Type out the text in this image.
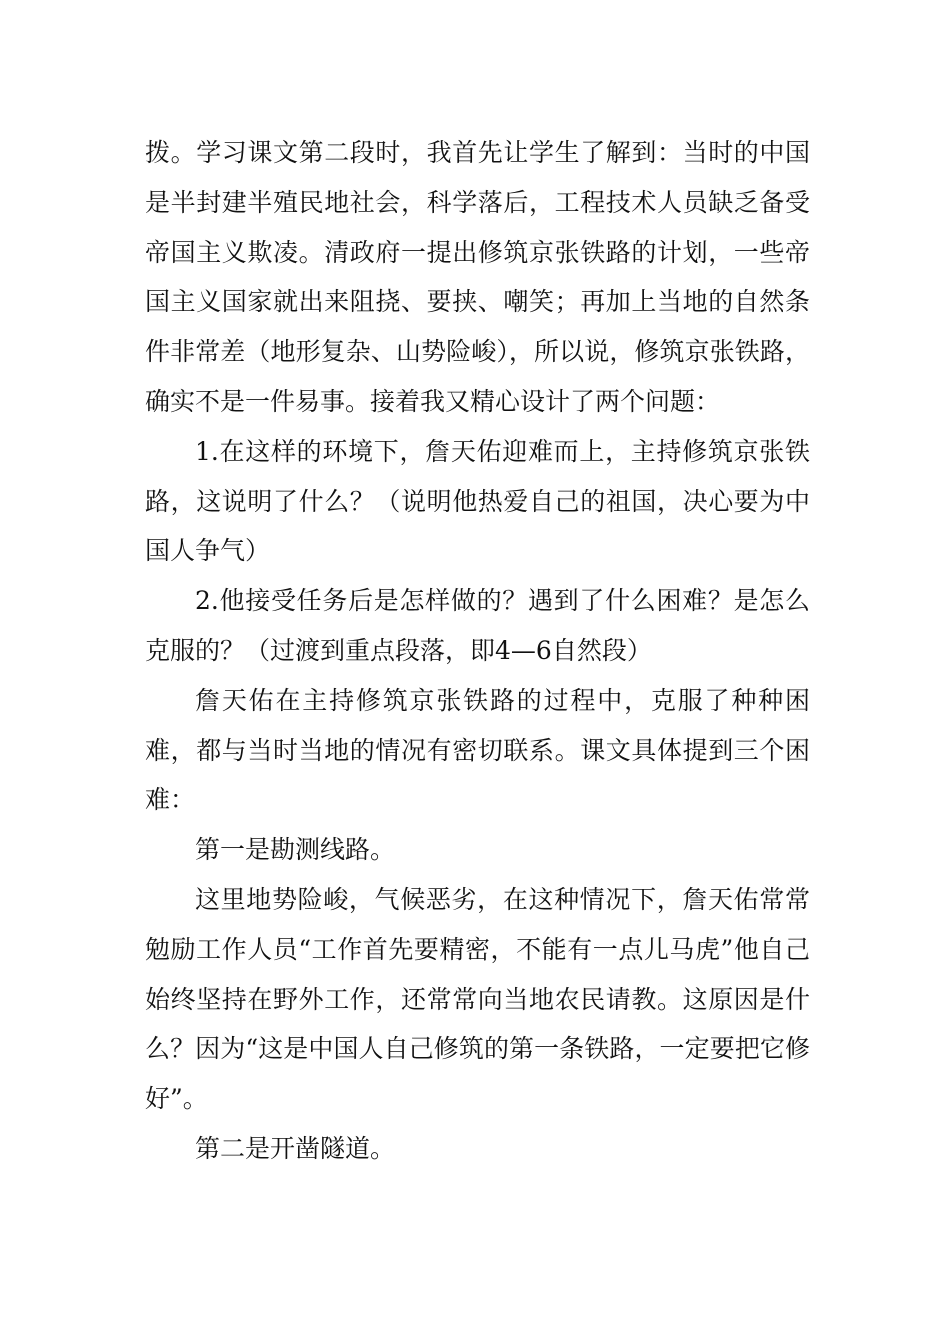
拨。学习课文第二段时，我首先让学生了解到：当时的中国是半封建半殖民地社会，科学落后，工程技术人员缺乏备受帝国主义欺凌。清政府一提出修筑京张铁路的计划，一些帝国主义国家就出来阻挠、要挟、嘲笑；再加上当地的自然条件非常差（地形复杂、山势险峻），所以说，修筑京张铁路，确实不是一件易事。接着我又精心设计了两个问题：

1.在这样的环境下，詹天佑迎难而上，主持修筑京张铁路，这说明了什么？（说明他热爱自己的祖国，决心要为中国人争气）

2.他接受任务后是怎样做的？遇到了什么困难？是怎么克服的？（过渡到重点段落，即4—6自然段）

詹天佑在主持修筑京张铁路的过程中，克服了种种困难，都与当时当地的情况有密切联系。课文具体提到三个困难：

第一是勘测线路。

这里地势险峻，气候恶劣，在这种情况下，詹天佑常常勉励工作人员“工作首先要精密，不能有一点儿马虎”他自己始终坚持在野外工作，还常常向当地农民请教。这原因是什么？因为“这是中国人自己修筑的第一条铁路，一定要把它修好”。

第二是开凿隧道。
